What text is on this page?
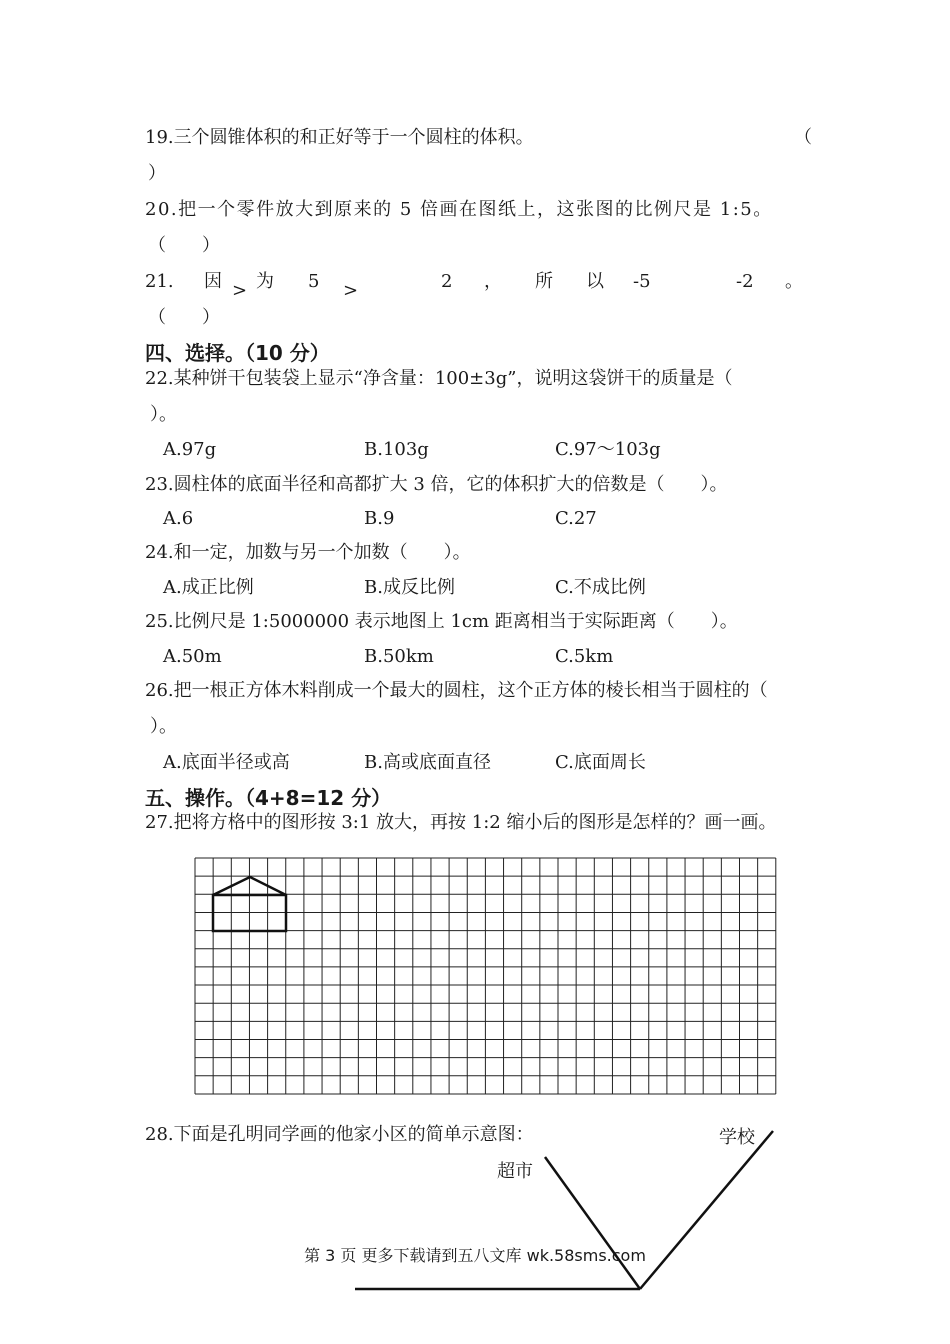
19.三个圆锥体积的和正好等于一个圆柱的体积。	（
）
20.把一个零件放大到原来的 5 倍画在图纸上，这张图的比例尺是 1:5。
（　　）
21. 因 > 为 5 >	2 ， 所 以 -5	-2 。
（　　）
四、选择。（10 分）
22.某种饼干包装袋上显示“净含量：100±3g”，说明这袋饼干的质量是（
）。
A.97g	B.103g	C.97～103g
23.圆柱体的底面半径和高都扩大 3 倍，它的体积扩大的倍数是（　　）。
A.6	B.9	C.27
24.和一定，加数与另一个加数（　　）。
A.成正比例	B.成反比例	C.不成比例
25.比例尺是 1:5000000 表示地图上 1cm 距离相当于实际距离（　　）。
A.50m	B.50km	C.5km
26.把一根正方体木料削成一个最大的圆柱，这个正方体的棱长相当于圆柱的（
）。
A.底面半径或高	B.高或底面直径	C.底面周长
五、操作。（4+8=12 分）
27.把将方格中的图形按 3:1 放大，再按 1:2 缩小后的图形是怎样的？画一画。
28.下面是孔明同学画的他家小区的简单示意图：	学校
超市
第 3 页 更多下载请到五八文库 wk.58sms.com
